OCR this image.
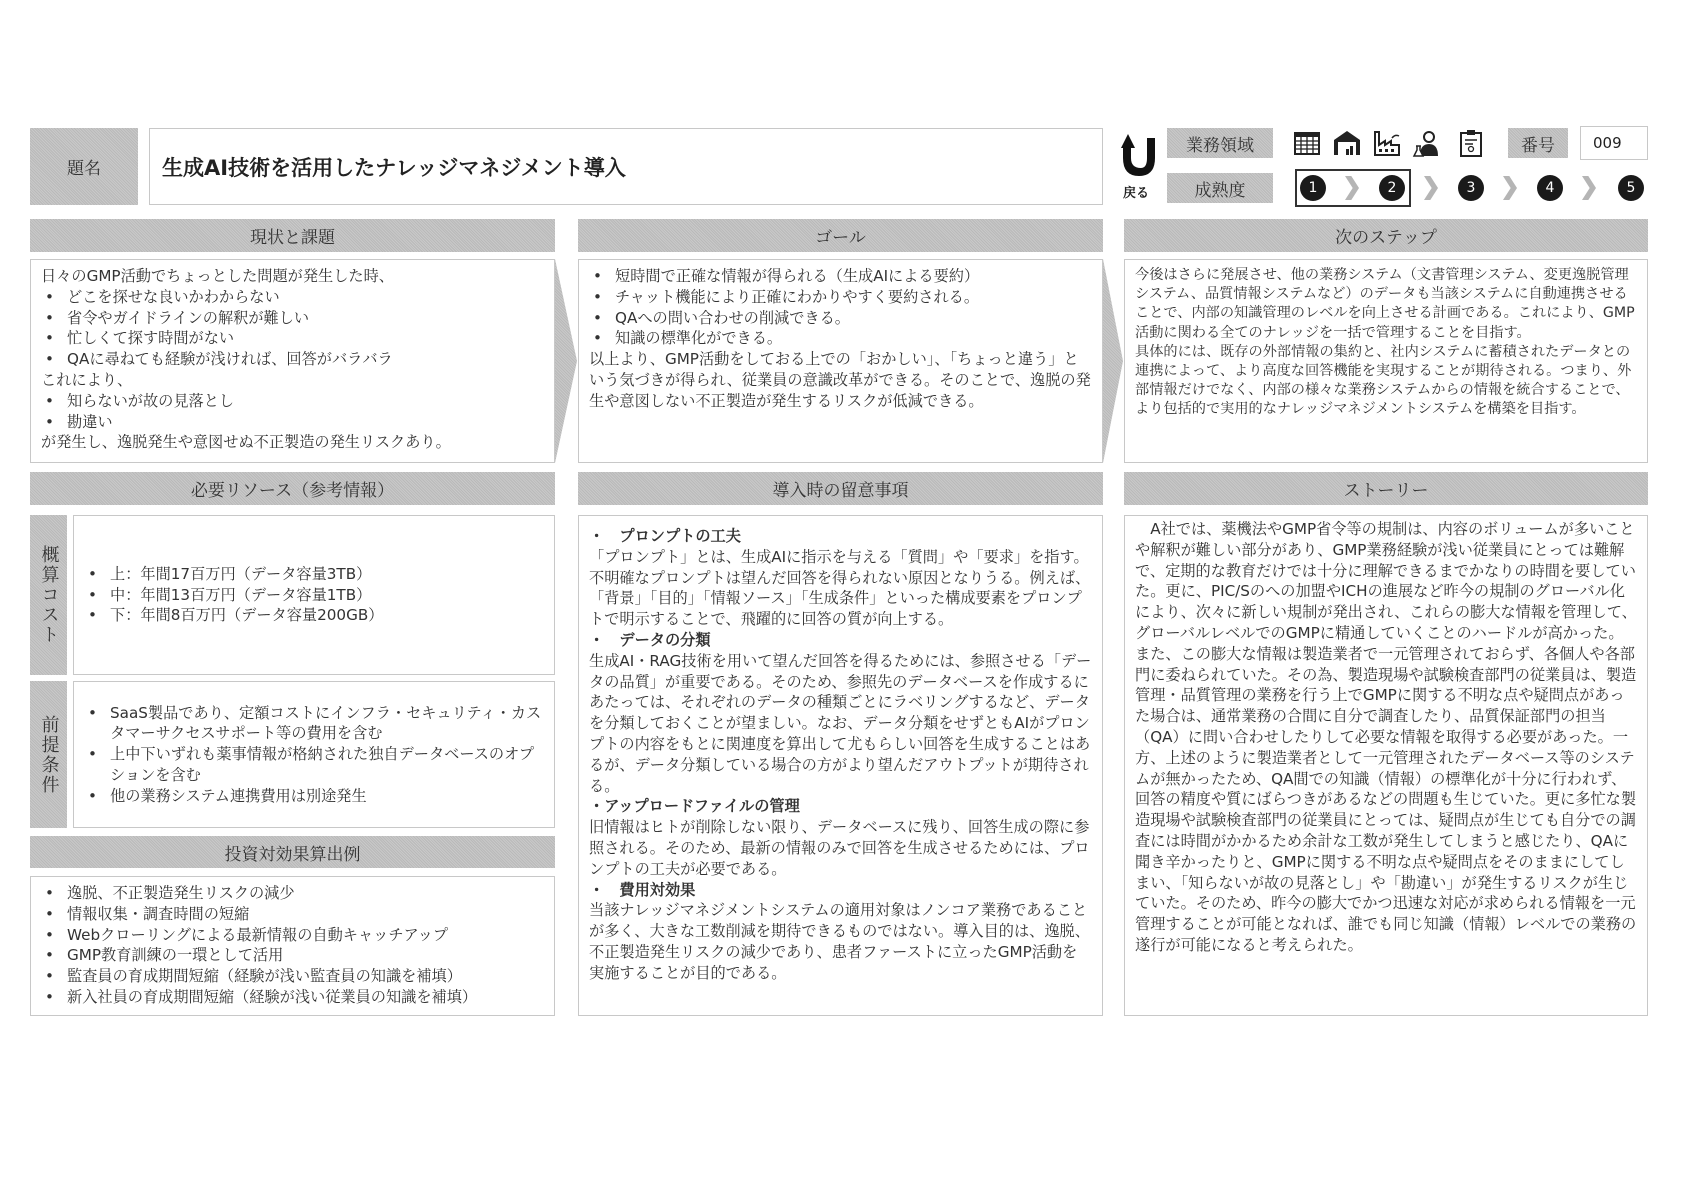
題名	生成AI技術を活用したナレッジマネジメント導入
戻る
業務領域
成熟度
番号	009
1	2	3	4	5
現状と課題	ゴール	次のステップ
日々のGMP活動でちょっとした問題が発生した時、
• どこを探せな良いかわからない
• 省令やガイドラインの解釈が難しい
• 忙しくて探す時間がない
• QAに尋ねても経験が浅ければ、回答がバラバラ
これにより、
• 知らないが故の見落とし
• 勘違い
が発生し、逸脱発生や意図せぬ不正製造の発生リスクあり。
• 短時間で正確な情報が得られる（生成AIによる要約）
• チャット機能により正確にわかりやすく要約される。
• QAへの問い合わせの削減できる。
• 知識の標準化ができる。
以上より、GMP活動をしておる上での「おかしい」、「ちょっと違う」という気づきが得られ、従業員の意識改革ができる。そのことで、逸脱の発生や意図しない不正製造が発生するリスクが低減できる。
今後はさらに発展させ、他の業務システム（文書管理システム、変更逸脱管理システム、品質情報システムなど）のデータも当該システムに自動連携させることで、内部の知識管理のレベルを向上させる計画である。これにより、GMP活動に関わる全てのナレッジを一括で管理することを目指す。
具体的には、既存の外部情報の集約と、社内システムに蓄積されたデータとの連携によって、より高度な回答機能を実現することが期待される。つまり、外部情報だけでなく、内部の様々な業務システムからの情報を統合することで、より包括的で実用的なナレッジマネジメントシステムを構築を目指す。
必要リソース（参考情報）	導入時の留意事項	ストーリー
概算コスト	• 上：年間17百万円（データ容量3TB）
• 中：年間13百万円（データ容量1TB）
• 下：年間8百万円（データ容量200GB）
前提条件
• SaaS製品であり、定額コストにインフラ・セキュリティ・カスタマーサクセスサポート等の費用を含む
• 上中下いずれも薬事情報が格納された独自データベースのオプションを含む
• 他の業務システム連携費用は別途発生
投資対効果算出例
• 逸脱、不正製造発生リスクの減少
• 情報収集・調査時間の短縮
• Webクローリングによる最新情報の自動キャッチアップ
• GMP教育訓練の一環として活用
• 監査員の育成期間短縮（経験が浅い監査員の知識を補填）
• 新入社員の育成期間短縮（経験が浅い従業員の知識を補填）
・　プロンプトの工夫
「プロンプト」とは、生成AIに指示を与える「質問」や「要求」を指す。不明確なプロンプトは望んだ回答を得られない原因となりうる。例えば、「背景」「目的」「情報ソース」「生成条件」といった構成要素をプロンプトで明示することで、飛躍的に回答の質が向上する。
・　データの分類
生成AI・RAG技術を用いて望んだ回答を得るためには、参照させる「データの品質」が重要である。そのため、参照先のデータベースを作成するにあたっては、それぞれのデータの種類ごとにラベリングするなど、データを分類しておくことが望ましい。なお、データ分類をせずともAIがプロンプトの内容をもとに関連度を算出して尤もらしい回答を生成することはあるが、データ分類している場合の方がより望んだアウトプットが期待される。
・アップロードファイルの管理
旧情報はヒトが削除しない限り、データベースに残り、回答生成の際に参照される。そのため、最新の情報のみで回答を生成させるためには、プロンプトの工夫が必要である。
・　費用対効果
当該ナレッジマネジメントシステムの適用対象はノンコア業務であることが多く、大きな工数削減を期待できるものではない。導入目的は、逸脱、不正製造発生リスクの減少であり、患者ファーストに立ったGMP活動を実施することが目的である。
　A社では、薬機法やGMP省令等の規制は、内容のボリュームが多いことや解釈が難しい部分があり、GMP業務経験が浅い従業員にとっては難解で、定期的な教育だけでは十分に理解できるまでかなりの時間を要していた。更に、PIC/Sのへの加盟やICHの進展など昨今の規制のグローバル化により、次々に新しい規制が発出され、これらの膨大な情報を管理して、グローバルレベルでのGMPに精通していくことのハードルが高かった。また、この膨大な情報は製造業者で一元管理されておらず、各個人や各部門に委ねられていた。その為、製造現場や試験検査部門の従業員は、製造管理・品質管理の業務を行う上でGMPに関する不明な点や疑問点があった場合は、通常業務の合間に自分で調査したり、品質保証部門の担当（QA）に問い合わせしたりして必要な情報を取得する必要があった。一方、上述のように製造業者として一元管理されたデータベース等のシステムが無かったため、QA間での知識（情報）の標準化が十分に行われず、回答の精度や質にばらつきがあるなどの問題も生じていた。更に多忙な製造現場や試験検査部門の従業員にとっては、疑問点が生じても自分での調査には時間がかかるため余計な工数が発生してしまうと感じたり、QAに聞き辛かったりと、GMPに関する不明な点や疑問点をそのままにしてしまい、「知らないが故の見落とし」や「勘違い」が発生するリスクが生じていた。そのため、昨今の膨大でかつ迅速な対応が求められる情報を一元管理することが可能となれば、誰でも同じ知識（情報）レベルでの業務の遂行が可能になると考えられた。
